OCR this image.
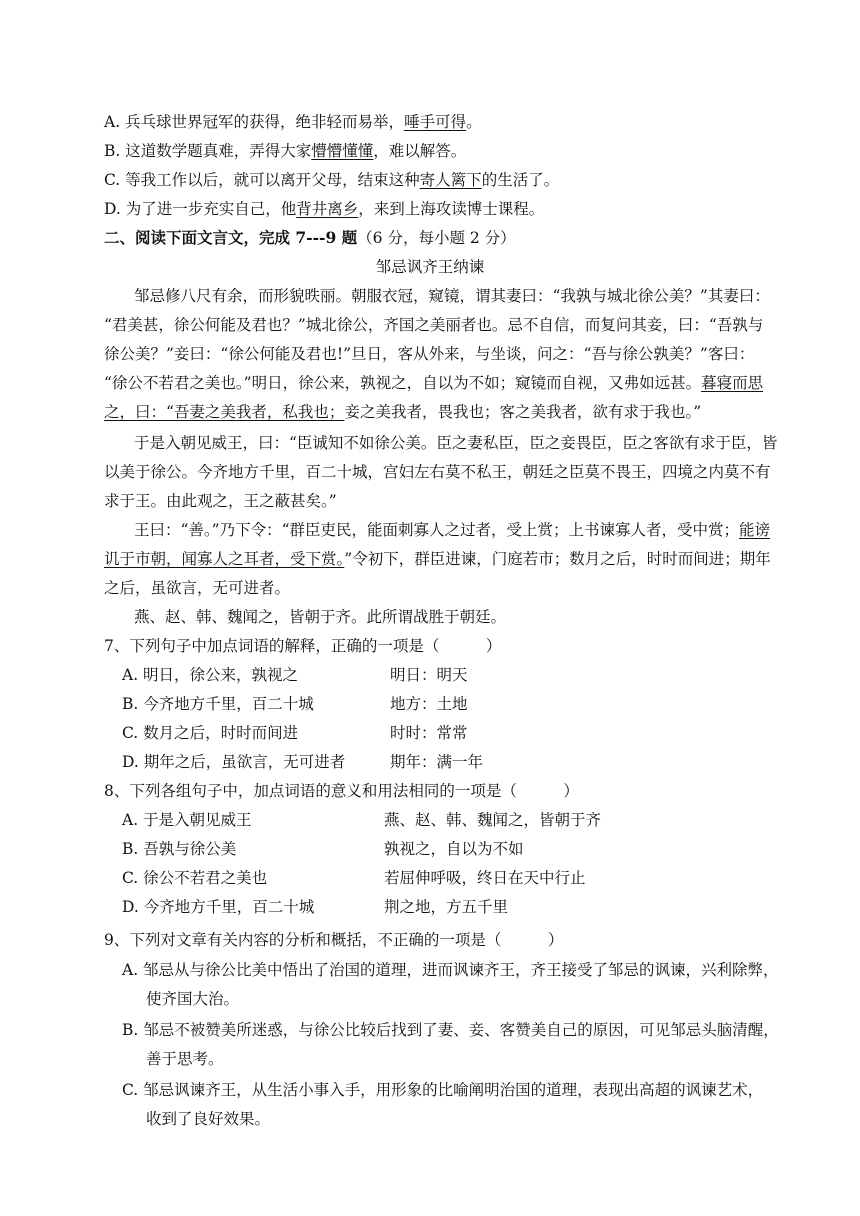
A. 兵乓球世界冠军的获得，绝非轻而易举，唾手可得。
B. 这道数学题真难，弄得大家懵懵懂懂，难以解答。
C. 等我工作以后，就可以离开父母，结束这种寄人篱下的生活了。
D. 为了进一步充实自己，他背井离乡，来到上海攻读博士课程。
二、阅读下面文言文，完成 7---9 题（6 分，每小题 2 分）
邹忌讽齐王纳谏
邹忌修八尺有余，而形貌昳丽。朝服衣冠，窥镜，谓其妻曰：“我孰与城北徐公美？”其妻曰：
“君美甚，徐公何能及君也？”城北徐公，齐国之美丽者也。忌不自信，而复问其妾，曰：“吾孰与
徐公美？”妾曰：“徐公何能及君也!”旦日，客从外来，与坐谈，问之：“吾与徐公孰美？”客曰：
“徐公不若君之美也。”明日，徐公来，孰视之，自以为不如；窥镜而自视，又弗如远甚。暮寝而思
之，曰：“吾妻之美我者，私我也；妾之美我者，畏我也；客之美我者，欲有求于我也。”
于是入朝见威王，曰：“臣诚知不如徐公美。臣之妻私臣，臣之妾畏臣，臣之客欲有求于臣，皆
以美于徐公。今齐地方千里，百二十城，宫妇左右莫不私王，朝廷之臣莫不畏王，四境之内莫不有
求于王。由此观之，王之蔽甚矣。”
王曰：“善。”乃下令：“群臣吏民，能面刺寡人之过者，受上赏；上书谏寡人者，受中赏；能谤
讥于市朝，闻寡人之耳者，受下赏。”令初下，群臣进谏，门庭若市；数月之后，时时而间进；期年
之后，虽欲言，无可进者。
燕、赵、韩、魏闻之，皆朝于齐。此所谓战胜于朝廷。
7、下列句子中加点词语的解释，正确的一项是（　　　）
A. 明日，徐公来，孰视之	明日：明天
B. 今齐地方千里，百二十城	地方：土地
C. 数月之后，时时而间进	时时：常常
D. 期年之后，虽欲言，无可进者	期年：满一年
8、下列各组句子中，加点词语的意义和用法相同的一项是（　　　）
A. 于是入朝见威王	燕、赵、韩、魏闻之，皆朝于齐
B. 吾孰与徐公美	孰视之，自以为不如
C. 徐公不若君之美也	若屈伸呼吸，终日在天中行止
D. 今齐地方千里，百二十城	荆之地，方五千里
9、下列对文章有关内容的分析和概括，不正确的一项是（　　　）
A. 邹忌从与徐公比美中悟出了治国的道理，进而讽谏齐王，齐王接受了邹忌的讽谏，兴利除弊，
使齐国大治。
B. 邹忌不被赞美所迷惑，与徐公比较后找到了妻、妾、客赞美自己的原因，可见邹忌头脑清醒，
善于思考。
C. 邹忌讽谏齐王，从生活小事入手，用形象的比喻阐明治国的道理，表现出高超的讽谏艺术，
收到了良好效果。
